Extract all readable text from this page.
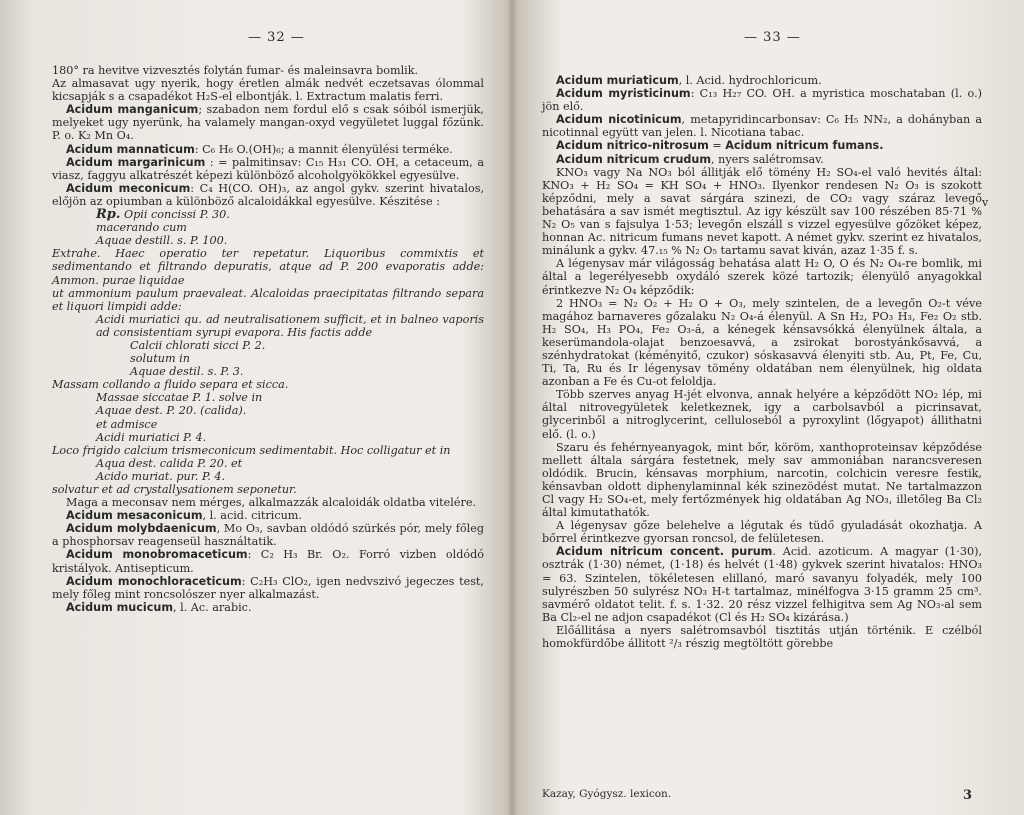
— 32 —

180° ra hevitve vizvesztés folytán fumar- és maleinsavra bomlik.

Az almasavat ugy nyerik, hogy éretlen almák nedvét eczetsavas ólommal kicsapják s a csapadékot H₂S-el elbontják. l. Extractum malatis ferri.

Acidum manganicum; szabadon nem fordul elő s csak sóiból ismerjük, melyeket ugy nyerünk, ha valamely mangan-oxyd vegyületet luggal főzünk. P. o. K₂ Mn O₄.

Acidum mannaticum: C₆ H₆ O.(OH)₆; a mannit élenyülési terméke.

Acidum margarinicum : = palmitinsav: C₁₅ H₃₁ CO. OH, a cetaceum, a viasz, faggyu alkatrészét képezi különböző alcoholgyökökkel egyesülve.

Acidum meconicum: C₄ H(CO. OH)₃, az angol gykv. szerint hivatalos, előjön az opiumban a különböző alcaloidákkal egyesülve. Készitése :

Rp. Opii concissi P. 30.

macerando cum

Aquae destill. s. P. 100.

Extrahe. Haec operatio ter repetatur. Liquoribus commixtis et sedimentando et filtrando depuratis, atque ad P. 200 evaporatis adde: Ammon. purae liquidae

ut ammonium paulum praevaleat. Alcaloidas praecipitatas filtrando separa et liquori limpidi adde:

Acidi muriatici qu. ad neutralisationem sufficit, et in balneo vaporis ad consistentiam syrupi evapora. His factis adde

Calcii chlorati sicci P. 2.

solutum in

Aquae destil. s. P. 3.

Massam collando a fluido separa et sicca.

Massae siccatae P. 1. solve in

Aquae dest. P. 20. (calida).

et admisce

Acidi muriatici P. 4.

Loco frigido calcium trismeconicum sedimentabit. Hoc colligatur et in

Aqua dest. calida P. 20. et

Acido muriat. pur. P. 4.

solvatur et ad crystallysationem seponetur.

Maga a meconsav nem mérges, alkalmazzák alcaloidák oldatba vitelére.

Acidum mesaconicum, l. acid. citricum.

Acidum molybdaenicum, Mo O₃, savban oldódó szürkés pór, mely főleg a phosphorsav reagenseül használtatik.

Acidum monobromaceticum: C₂ H₃ Br. O₂. Forró vizben oldódó kristályok. Antisepticum.

Acidum monochloraceticum: C₂H₃ ClO₂, igen nedvszivó jegeczes test, mely főleg mint roncsolószer nyer alkalmazást.

Acidum mucicum, l. Ac. arabic.

— 33 —

Acidum muriaticum, l. Acid. hydrochloricum.

Acidum myristicinum: C₁₃ H₂₇ CO. OH. a myristica moschataban (l. o.) jön elő.

Acidum nicotinicum, metapyridincarbonsav: C₆ H₅ NN₂, a dohányban a nicotinnal együtt van jelen. l. Nicotiana tabac.

Acidum nitrico-nitrosum = Acidum nitricum fumans.

Acidum nitricum crudum, nyers salétromsav.

KNO₃ vagy Na NO₃ ból állitják elő tömény H₂ SO₄-el való hevités által: KNO₃ + H₂ SO₄ = KH SO₄ + HNO₃. Ilyenkor rendesen N₂ O₃ is szokott képződni, mely a savat sárgára szinezi, de CO₂ vagy száraz levegő behatására a sav ismét megtisztul. Az igy készült sav 100 részében 85·71 % N₂ O₅ van s fajsulya 1·53; levegőn elszáll s vizzel egyesülve gőzöket képez, honnan Ac. nitricum fumans nevet kapott. A német gykv. szerint ez hivatalos, minálunk a gykv. 47.₁₅ % N₂ O₅ tartamu savat kiván, azaz 1·35 f. s.

A légenysav már világosság behatása alatt H₂ O, O és N₂ O₄-re bomlik, mi által a legerélyesebb oxydáló szerek közé tartozik; élenyülő anyagokkal érintkezve N₂ O₄ képződik:

2 HNO₃ = N₂ O₂ + H₂ O + O₃, mely szintelen, de a levegőn O₂-t véve magához barnaveres gőzalaku N₂ O₄-á élenyül. A Sn H₂, PO₃ H₃, Fe₂ O₂ stb. H₂ SO₄, H₃ PO₄, Fe₂ O₃-á, a kénegek kénsavsókká élenyülnek általa, a keserümandola-olajat benzoesavvá, a zsirokat borostyánkősavvá, a szénhydratokat (kéményitő, czukor) sóskasavvá élenyiti stb. Au, Pt, Fe, Cu, Ti, Ta, Ru és Ir légenysav tömény oldatában nem élenyülnek, hig oldata azonban a Fe és Cu-ot feloldja.

Több szerves anyag H-jét elvonva, annak helyére a képződött NO₂ lép, mi által nitrovegyületek keletkeznek, igy a carbolsavból a picrinsavat, glycerinből a nitroglycerint, celluloseból a pyroxylint (lőgyapot) állithatni elő. (l. o.)

Szaru és fehérnyeanyagok, mint bőr, köröm, xanthoproteinsav képződése mellett általa sárgára festetnek, mely sav ammoniában narancsveresen oldódik. Brucin, kénsavas morphium, narcotin, colchicin veresre festik, kénsavban oldott diphenylaminnal kék szinezödést mutat. Ne tartalmazzon Cl vagy H₂ SO₄-et, mely fertőzmények hig oldatában Ag NO₃, illetőleg Ba Cl₂ által kimutathatók.

A légenysav gőze belehelve a légutak és tüdő gyuladását okozhatja. A bőrrel érintkezve gyorsan roncsol, de felületesen.

Acidum nitricum concent. purum. Acid. azoticum. A magyar (1·30), osztrák (1·30) német, (1·18) és helvét (1·48) gykvek szerint hivatalos: HNO₃ = 63. Szintelen, tökéletesen elillanó, maró savanyu folyadék, mely 100 sulyrészben 50 sulyrész NO₃ H-t tartalmaz, minélfogva 3·15 gramm 25 cm³. savmérő oldatot telit. f. s. 1·32. 20 rész vizzel felhigitva sem Ag NO₃-al sem Ba Cl₂-el ne adjon csapadékot (Cl és H₂ SO₄ kizárása.)

Előállitása a nyers salétromsavból tisztitás utján történik. E czélból homokfürdőbe állitott ²/₃ részig megtöltött görebbe

v
Kazay, Gyógysz. lexicon.	3
